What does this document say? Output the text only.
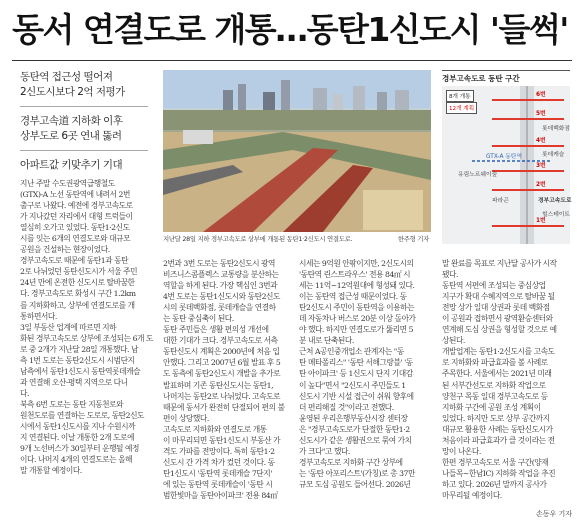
동서 연결도로 개통…동탄1신도시 '들썩'
동탄역 접근성 떨어져
2신도시보다 2억 저평가
경부고속道 지하화 이후
상부도로 6곳 연내 뚫려
아파트값 키맞추기 기대
지난달 28일 지하 경부고속도로 상부에 개통된 동탄1·2신도시 연결도로.	한주형 기자
경부고속도로 동탄 구간
8개 개통
12개 계획
6번
5번
4번
3번
2번
1번
롯데백화점
GTX-A 동탄역
유림노르웨이숲
경부고속도로
롯데캐슬
파라곤
힐스테이트
지난 주말 수도권광역급행철도
(GTX)-A 노선 동탄역에 내려서 2번
출구로 나왔다. 예전에 경부고속도로
가 지나갔던 자리에서 대형 트럭들이
열심히 오가고 있었다. 동탄1·2신도
시를 잇는 6개의 연결도로와 대규모
공원을 건설하는 현장이었다.
경부고속도로 때문에 동탄1과 동탄
2로 나뉘었던 동탄신도시가 서울 주민
24년 만에 온전한 신도시로 탈바꿈한
다. 경부고속도로 화성시 구간 1.2km
를 지하화하고, 상부에 연결도로를 개
통하면서다.
3일 부동산 업계에 따르면 지하
화된 경부고속도로 상부에 조성되는 6개 도
로 중 2개가 지난달 28일 개통했다. 남
측 1번 도로는 동탄2신도시 시범단지
남측에서 동탄1신도시 동탄역롯데캐슬
과 연결해 오산·평택 지역으로 다니
다.
북측 6번 도로는 동탄 지동천로와
원천도로를 연결하는 도로로, 동탄2신도
시에서 동탄1신도시를 지나 수원시까
지 연결된다. 이날 개통한 2개 도로에
9개 노선버스가 30일부터 운행될 예정
이다. 나머지 4개의 연결도로는 올해
말 개통할 예정이다.
2번과 3번 도로는 동탄2신도시 광역
비즈니스콤플렉스 교통량을 분산하는
역할을 하게 된다. 가장 핵심인 3번과
4번 도로는 동탄1신도시와 동탄2신도
시의 롯데백화점, 롯데캐슬을 연결하
는 동탄 중심축이 된다.
동탄 주민들은 생활 편의성 개선에
대한 기대가 크다. 경부고속도로 서측
동탄신도시 계획은 2000년에 처음 입
안했다. 그리고 2007년 6월 발표 후 5
도 동측에 동탄2신도시 개발을 추가로
발표하며 기존 동탄신도시는 동탄1,
나머지는 동탄2로 나뉘었다. 고속도로
때문에 동서가 완전히 단절되어 편의 불
편이 상당했다.
고속도로 지하화와 연결도로 개통
이 마무리되면 동탄1신도시 부동산 가
격도 가파를 전망이다. 특히 동탄1·2
신도시 간 가격 차가 컸던 것이다. 동
탄1신도시 '동탄역 롯데캐슬 7단지'
에 있는 동탄역 롯데캐슬이 '동탄 시
범한빛마을 동탄아이파크' 전용 84㎡
시세는 9억원 안팎이지만, 2신도시의
'동탄역 린스트라우스' 전용 84㎡ 시
세는 11억~12억원대에 형성돼 있다.
이는 동탄역 접근성 때문이었다. 동
탄2신도시 주민이 동탄역을 이용하는
데 자동차나 버스로 20분 이상 돌아가
야 했다. 하지만 연결도로가 뚫리면 5
분 내로 단축된다.
근처 A공인중개업소 관계자는 "동
탄 메타폴리스" '동탄 서해그랑블' '동
탄 아이파크' 등 1신도시 단지 기대감
이 높다"면서 "2신도시 주민들도 1
신도시 기반 시설 접근이 쉬워 향후에
더 편리해질 것"이라고 전했다.
윤영된 우리은행부동산시장 센터장
은 "경부고속도로가 단절한 동탄1·2
신도시가 같은 생활권으로 묶여 가치
가 크다"고 했다.
경부고속도로 지하화 구간 상부에
는 '동탄 아포리스트'(가칭)로 총 37만
규모 도심 공원도 들어선다. 2026년
말 완료를 목표로 지난달 공사가 시작
됐다.
동탄역 서편에 조성되는 중심상업
지구가 확대 수혜지역으로 탈바꿈 될
전망 상가 일대 상권과 롯데 백화점
이 공원과 접하면서 광역환승센터와
연계해 도심 상권을 형성할 것으로 예
상된다.
개발업계는 동탄1·2신도시를 고속도
로 지하화와 파급효과를 볼 사례로
주목한다. 서울에서는 2021년 미래
된 서부간선도로 지하화 작업으로
양천구 목동 일대 경부고속도로 등
지하화 구간에 공원 조성 계획이
있었다. 하지만 도로 상부 공간까지
대규모 활용한 사례는 동탄신도시가
처음이라 파급효과가 클 것이라는 전
망이 나온다.
한편 경부고속도로 서울 구간(양재
나들목~한남IC) 지하화 작업을 추진
하고 있다. 2026년 말까지 공사가
마무리될 예정이다.
손동우 기자
